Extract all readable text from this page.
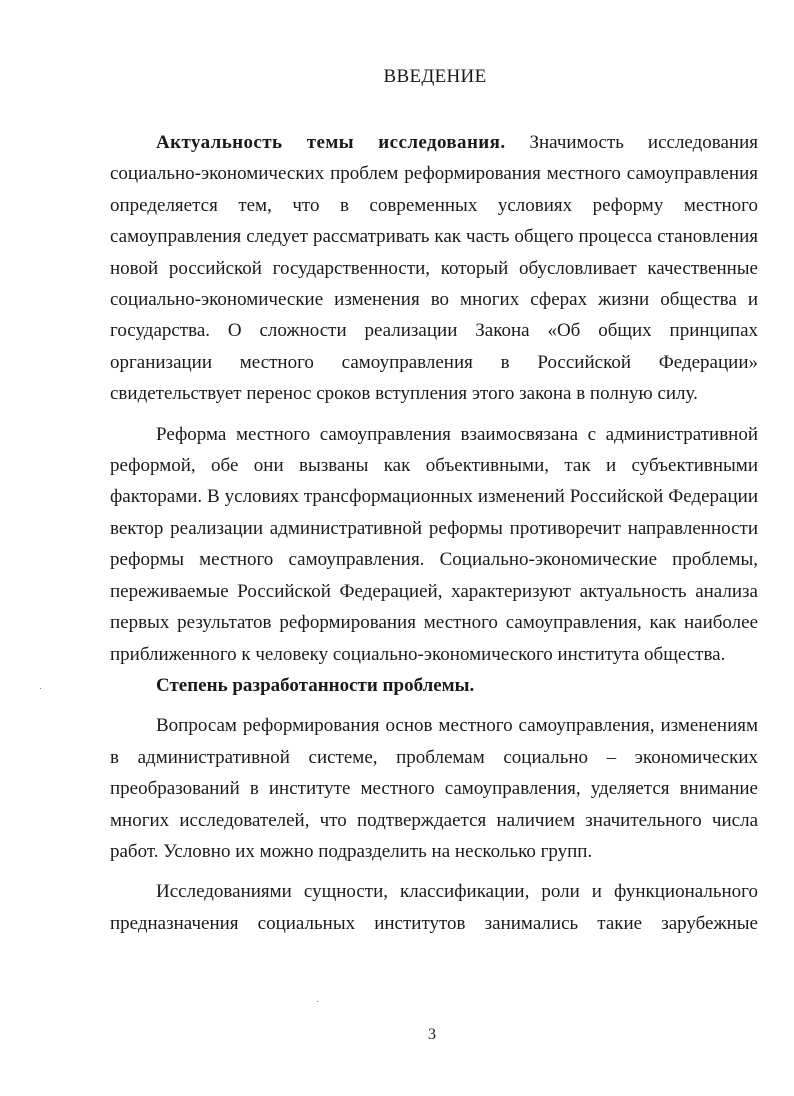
ВВЕДЕНИЕ

Актуальность темы исследования. Значимость исследования социально-экономических проблем реформирования местного самоуправления определяется тем, что в современных условиях реформу местного самоуправления следует рассматривать как часть общего процесса становления новой российской государственности, который обусловливает качественные социально-экономические изменения во многих сферах жизни общества и государства. О сложности реализации Закона «Об общих принципах организации местного самоуправления в Российской Федерации» свидетельствует перенос сроков вступления этого закона в полную силу.

Реформа местного самоуправления взаимосвязана с административной реформой, обе они вызваны как объективными, так и субъективными факторами. В условиях трансформационных изменений Российской Федерации вектор реализации административной реформы противоречит направленности реформы местного самоуправления. Социально-экономические проблемы, переживаемые Российской Федерацией, характеризуют актуальность анализа первых результатов реформирования местного самоуправления, как наиболее приближенного к человеку социально-экономического института общества.

Степень разработанности проблемы.

Вопросам реформирования основ местного самоуправления, изменениям в административной системе, проблемам социально – экономических преобразований в институте местного самоуправления, уделяется внимание многих исследователей, что подтверждается наличием значительного числа работ. Условно их можно подразделить на несколько групп.

Исследованиями сущности, классификации, роли и функционального предназначения социальных институтов занимались такие зарубежные

3
